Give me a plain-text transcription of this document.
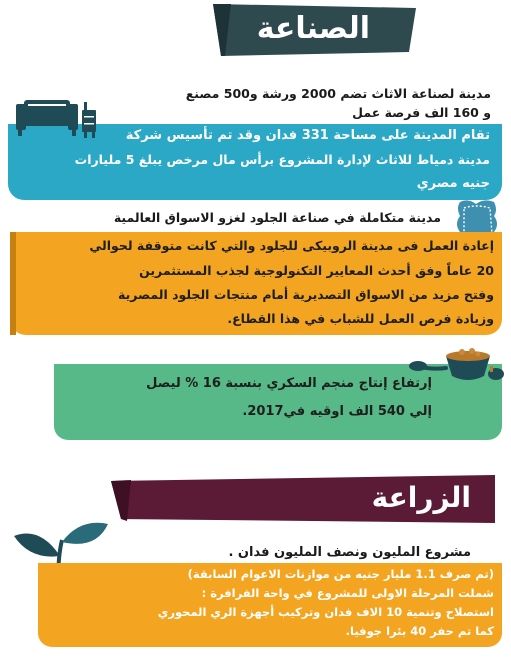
الصناعة
مدينة لصناعة الاثاث تضم 2000 ورشة و500 مصنع
و 160 الف فرصة عمل
تقام المدينة على مساحة 331 فدان وقد تم تأسيس شركة
مدينة دمياط للاثاث لإدارة المشروع برأس مال مرخص يبلغ 5 مليارات
جنيه مصري
مدينة متكاملة في صناعة الجلود لغزو الاسواق العالمية
إعادة العمل فى مدينة الروبيكى للجلود والتي كانت متوقفة لحوالي
20 عاماً وفق أحدث المعايير التكنولوجية لجذب المستثمرين
وفتح مزيد من الاسواق التصديرية أمام منتجات الجلود المصرية
وزيادة فرص العمل للشباب في هذا القطاع.
إرتفاع إنتاج منجم السكري بنسبة 16 % ليصل
إلي 540 الف اوقيه في2017.
الزراعة
مشروع المليون ونصف المليون فدان .
(تم صرف 1.1 مليار جنيه من موازنات الاعوام السابقة)
شملت المرحلة الاولى للمشروع في واحة الفرافرة :
استصلاح وتنمية 10 الاف فدان وتركيب أجهزة الري المحوري
كما تم حفر 40 بئرا جوفيا.
